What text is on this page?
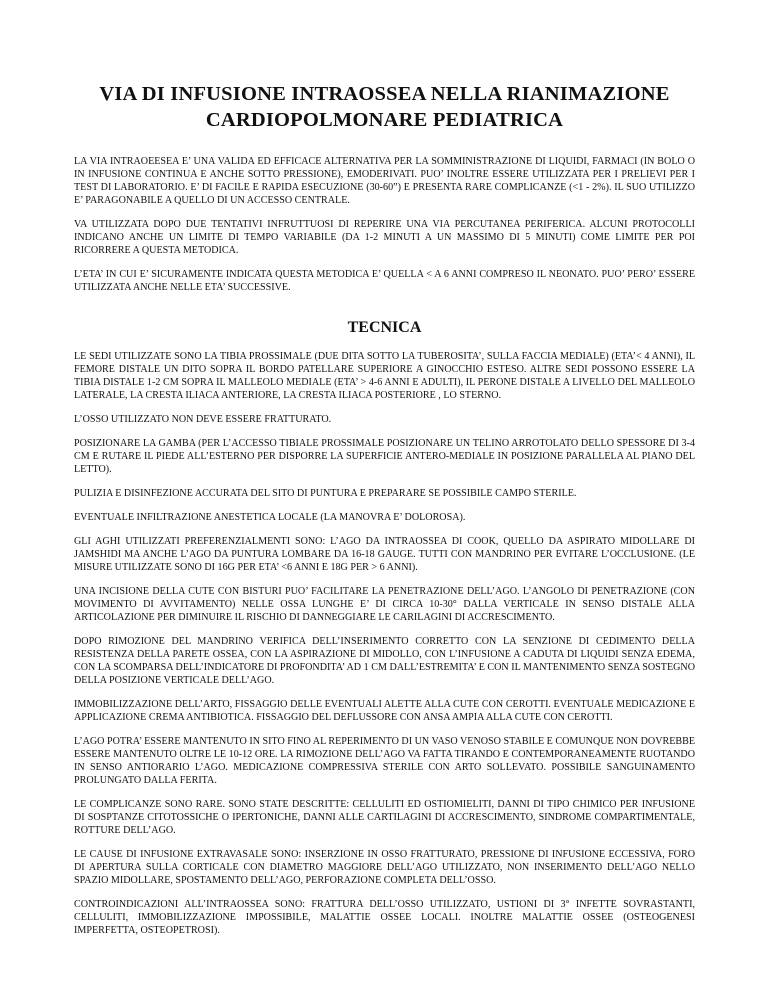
VIA DI INFUSIONE INTRAOSSEA NELLA RIANIMAZIONE
CARDIOPOLMONARE PEDIATRICA

LA VIA INTRAOEESEA E’ UNA VALIDA ED EFFICACE ALTERNATIVA PER LA SOMMINISTRAZIONE DI LIQUIDI, FARMACI (IN BOLO O IN INFUSIONE CONTINUA E ANCHE SOTTO PRESSIONE), EMODERIVATI. PUO’ INOLTRE ESSERE UTILIZZATA PER I PRELIEVI PER I TEST DI LABORATORIO. E’ DI FACILE E RAPIDA ESECUZIONE (30-60”) E PRESENTA RARE COMPLICANZE (<1 - 2%). IL SUO UTILIZZO E’ PARAGONABILE A QUELLO DI UN ACCESSO CENTRALE.

VA UTILIZZATA DOPO DUE TENTATIVI INFRUTTUOSI DI REPERIRE UNA VIA PERCUTANEA PERIFERICA. ALCUNI PROTOCOLLI INDICANO ANCHE UN LIMITE DI TEMPO VARIABILE (DA 1-2 MINUTI A UN MASSIMO DI 5 MINUTI) COME LIMITE PER POI RICORRERE A QUESTA METODICA.

L’ETA’ IN CUI E’ SICURAMENTE INDICATA QUESTA METODICA E’ QUELLA < A 6 ANNI COMPRESO IL NEONATO. PUO’ PERO’ ESSERE UTILIZZATA ANCHE NELLE ETA’ SUCCESSIVE.

TECNICA

LE SEDI UTILIZZATE SONO LA TIBIA PROSSIMALE (DUE DITA SOTTO LA TUBEROSITA’, SULLA FACCIA MEDIALE) (ETA’< 4 ANNI), IL FEMORE DISTALE UN DITO SOPRA IL BORDO PATELLARE SUPERIORE A GINOCCHIO ESTESO. ALTRE SEDI POSSONO ESSERE LA TIBIA DISTALE 1-2 CM SOPRA IL MALLEOLO MEDIALE (ETA’ > 4-6 ANNI E ADULTI), IL PERONE DISTALE A LIVELLO DEL MALLEOLO LATERALE, LA CRESTA ILIACA ANTERIORE, LA CRESTA ILIACA POSTERIORE , LO STERNO.

L’OSSO UTILIZZATO NON DEVE ESSERE FRATTURATO.

POSIZIONARE LA GAMBA (PER L’ACCESSO TIBIALE PROSSIMALE POSIZIONARE UN TELINO ARROTOLATO DELLO SPESSORE DI 3-4 CM E RUTARE IL PIEDE ALL’ESTERNO PER DISPORRE LA SUPERFICIE ANTERO-MEDIALE IN POSIZIONE PARALLELA AL PIANO DEL LETTO).

PULIZIA E DISINFEZIONE ACCURATA DEL SITO DI PUNTURA E PREPARARE SE POSSIBILE CAMPO STERILE.

EVENTUALE INFILTRAZIONE ANESTETICA LOCALE (LA MANOVRA E’ DOLOROSA).

GLI AGHI UTILIZZATI PREFERENZIALMENTI SONO: L’AGO DA INTRAOSSEA DI COOK, QUELLO DA ASPIRATO MIDOLLARE DI JAMSHIDI MA ANCHE L’AGO DA PUNTURA LOMBARE DA 16-18 GAUGE. TUTTI CON MANDRINO PER EVITARE L’OCCLUSIONE. (LE MISURE UTILIZZATE SONO DI 16G PER ETA’ <6 ANNI E 18G PER > 6 ANNI).

UNA INCISIONE DELLA CUTE CON BISTURI PUO’ FACILITARE LA PENETRAZIONE DELL’AGO. L’ANGOLO DI PENETRAZIONE (CON MOVIMENTO DI AVVITAMENTO) NELLE OSSA LUNGHE E’ DI CIRCA 10-30° DALLA VERTICALE IN SENSO DISTALE ALLA ARTICOLAZIONE PER DIMINUIRE IL RISCHIO DI DANNEGGIARE LE CARILAGINI DI ACCRESCIMENTO.

DOPO RIMOZIONE DEL MANDRINO VERIFICA DELL’INSERIMENTO CORRETTO CON LA SENZIONE DI CEDIMENTO DELLA RESISTENZA DELLA PARETE OSSEA, CON LA ASPIRAZIONE DI MIDOLLO, CON L’INFUSIONE A CADUTA DI LIQUIDI SENZA EDEMA, CON LA SCOMPARSA DELL’INDICATORE DI PROFONDITA’ AD 1 CM DALL’ESTREMITA’ E CON IL MANTENIMENTO SENZA SOSTEGNO DELLA POSIZIONE VERTICALE DELL’AGO.

IMMOBILIZZAZIONE DELL’ARTO, FISSAGGIO DELLE EVENTUALI ALETTE ALLA CUTE CON CEROTTI. EVENTUALE MEDICAZIONE E APPLICAZIONE CREMA ANTIBIOTICA. FISSAGGIO DEL DEFLUSSORE CON ANSA AMPIA ALLA CUTE CON CEROTTI.

L’AGO POTRA’ ESSERE MANTENUTO IN SITO FINO AL REPERIMENTO DI UN VASO VENOSO STABILE E COMUNQUE NON DOVREBBE ESSERE MANTENUTO OLTRE LE 10-12 ORE. LA RIMOZIONE DELL’AGO VA FATTA TIRANDO E CONTEMPORANEAMENTE RUOTANDO IN SENSO ANTIORARIO L’AGO. MEDICAZIONE COMPRESSIVA STERILE CON ARTO SOLLEVATO. POSSIBILE SANGUINAMENTO PROLUNGATO DALLA FERITA.

LE COMPLICANZE SONO RARE. SONO STATE DESCRITTE: CELLULITI ED OSTIOMIELITI, DANNI DI TIPO CHIMICO PER INFUSIONE DI SOSPTANZE CITOTOSSICHE O IPERTONICHE, DANNI ALLE CARTILAGINI DI ACCRESCIMENTO, SINDROME COMPARTIMENTALE, ROTTURE DELL’AGO.

LE CAUSE DI INFUSIONE EXTRAVASALE SONO: INSERZIONE IN OSSO FRATTURATO, PRESSIONE DI INFUSIONE ECCESSIVA, FORO DI APERTURA SULLA CORTICALE CON DIAMETRO MAGGIORE DELL’AGO UTILIZZATO, NON INSERIMENTO DELL’AGO NELLO SPAZIO MIDOLLARE, SPOSTAMENTO DELL’AGO, PERFORAZIONE COMPLETA DELL’OSSO.

CONTROINDICAZIONI ALL’INTRAOSSEA SONO: FRATTURA DELL’OSSO UTILIZZATO, USTIONI DI 3° INFETTE SOVRASTANTI, CELLULITI, IMMOBILIZZAZIONE IMPOSSIBILE, MALATTIE OSSEE LOCALI. INOLTRE MALATTIE OSSEE (OSTEOGENESI IMPERFETTA, OSTEOPETROSI).
